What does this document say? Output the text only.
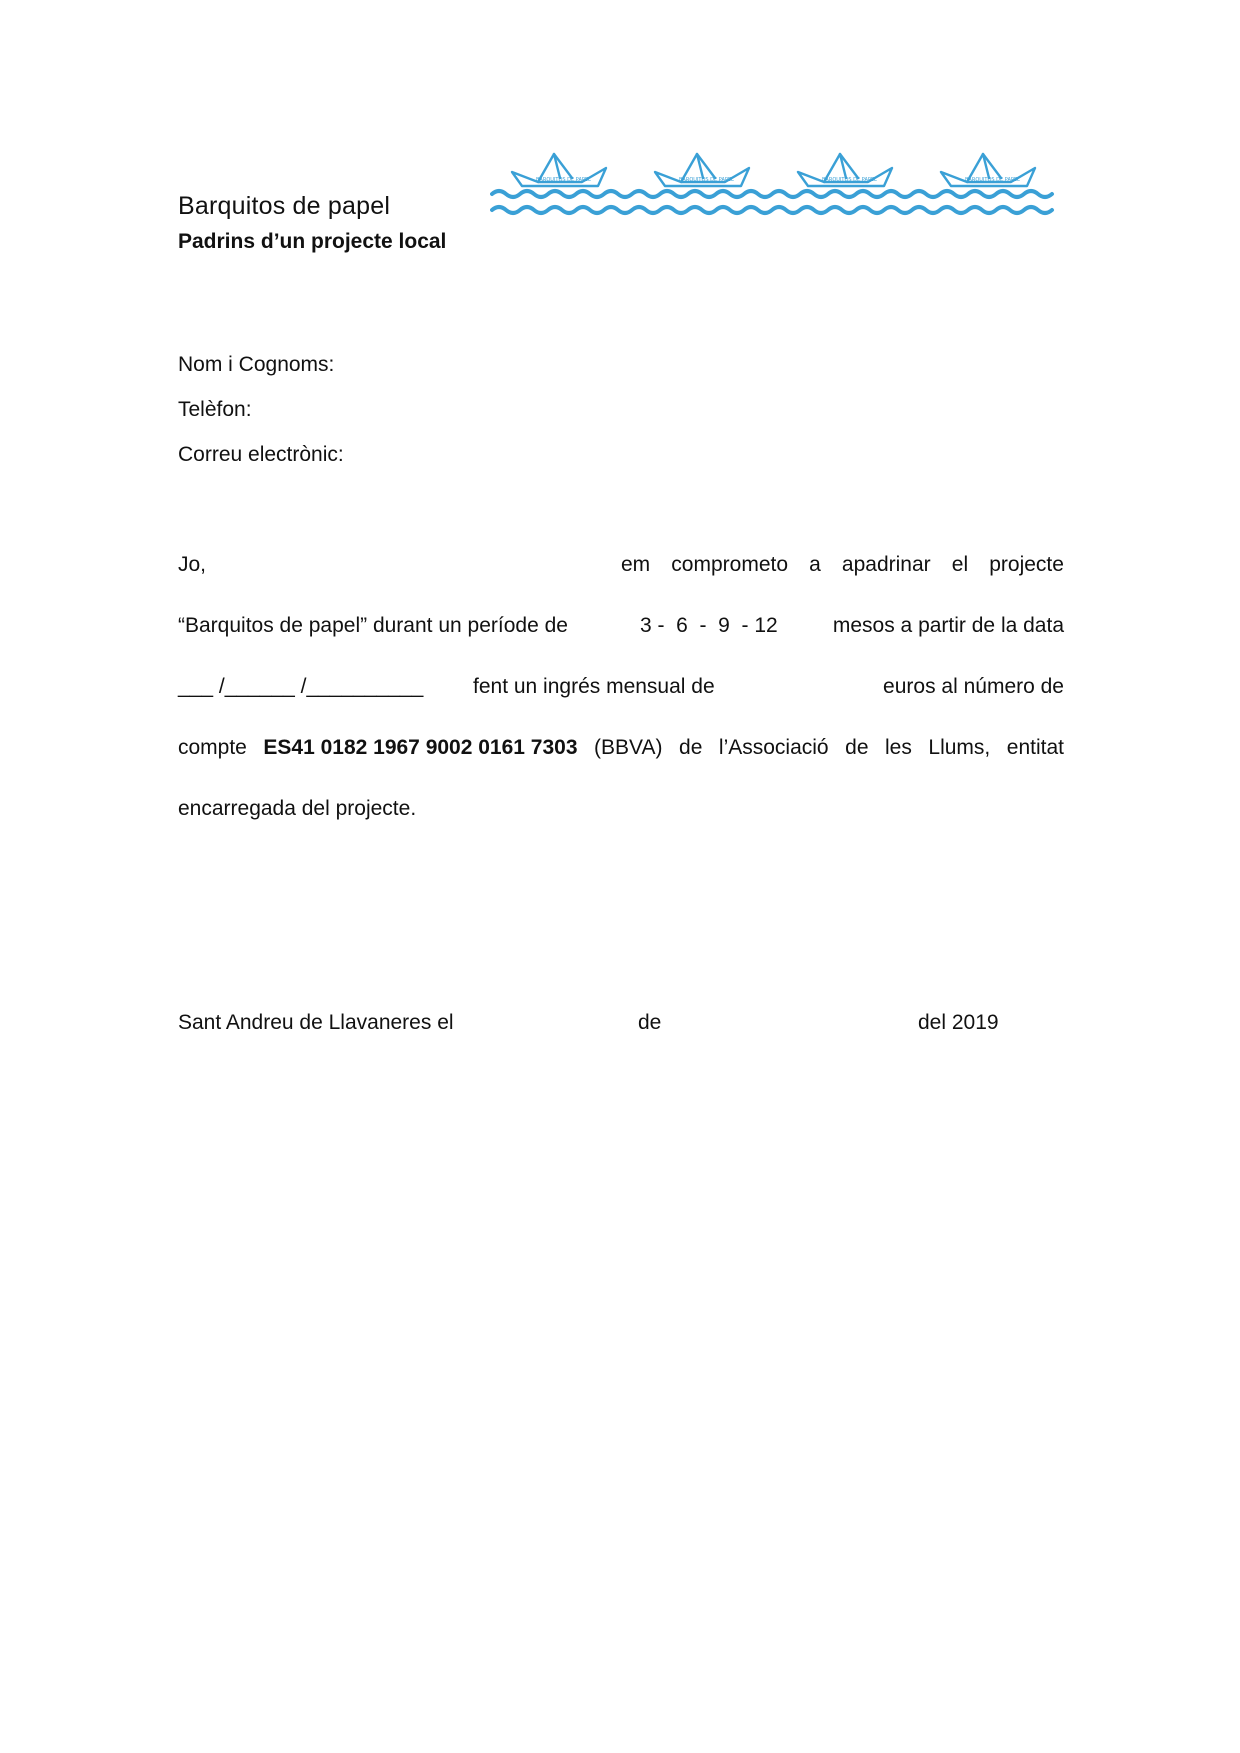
Barquitos de papel
Padrins d’un projecte local
BARQUITOS DE PAPEL	BARQUITOS DE PAPEL	BARQUITOS DE PAPEL	BARQUITOS DE PAPEL
Nom i Cognoms:
Telèfon:
Correu electrònic:
Jo,	em comprometo a apadrinar el projecte
“Barquitos de papel” durant un període de	3 -  6  -  9  - 12	mesos a partir de la data
___ /______ /__________ fent un ingrés mensual de	euros al número de
compte ES41 0182 1967 9002 0161 7303 (BBVA) de l’Associació de les Llums, entitat
encarregada del projecte.
Sant Andreu de Llavaneres el	de	del 2019
